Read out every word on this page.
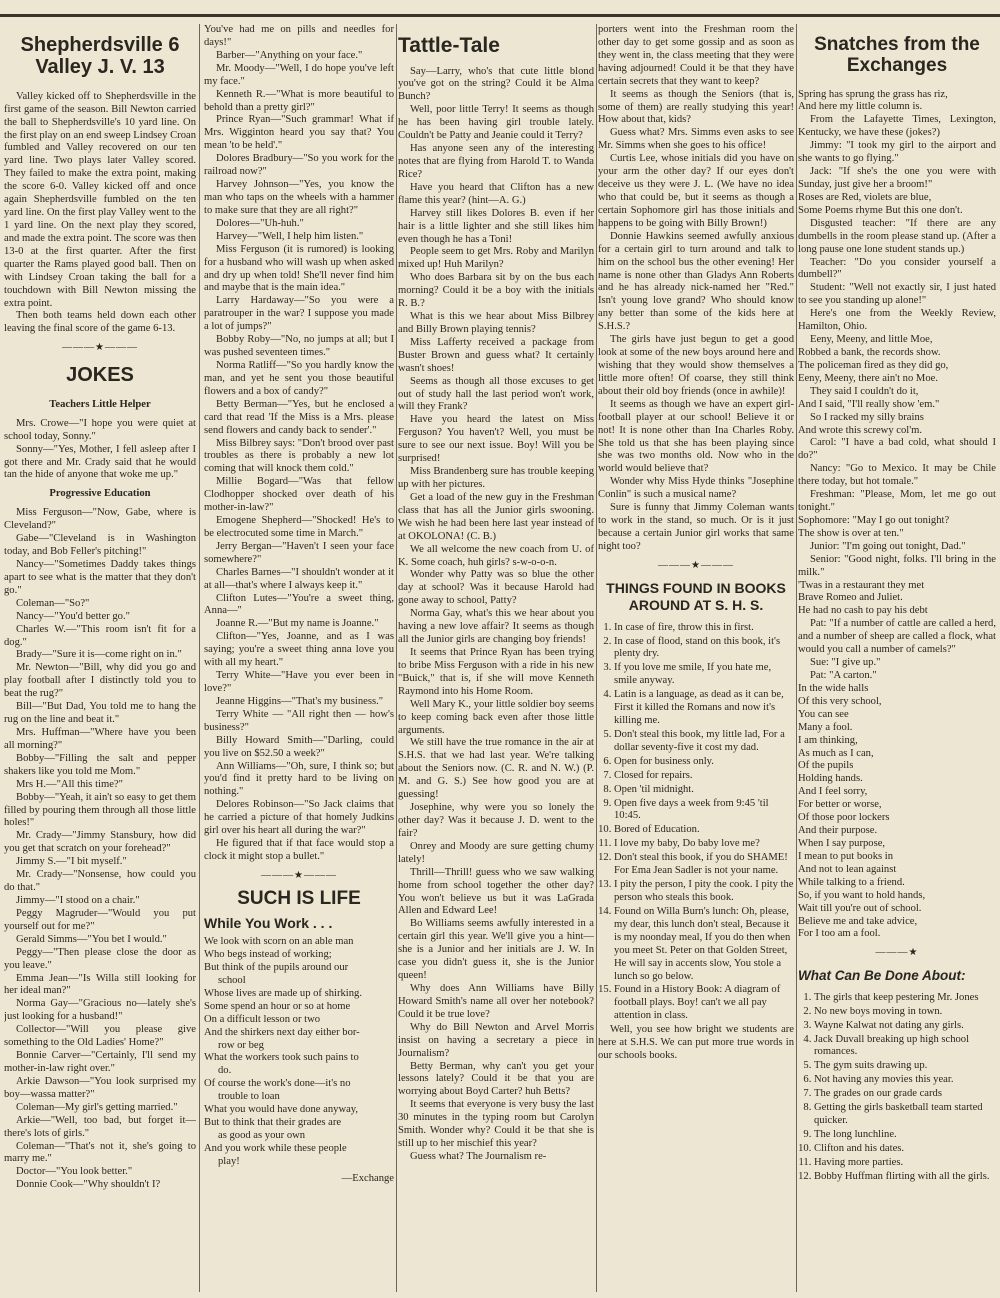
Shepherdsville 6 Valley J. V. 13

Valley kicked off to Shepherdsville in the first game of the season. Bill Newton carried the ball to Shepherdsville's 10 yard line. On the first play on an end sweep Lindsey Croan fumbled and Valley recovered on our ten yard line. Two plays later Valley scored. They failed to make the extra point, making the score 6-0. Valley kicked off and once again Shepherdsville fumbled on the ten yard line. On the first play Valley went to the 1 yard line. On the next play they scored, and made the extra point. The score was then 13-0 at the first quarter. After the first quarter the Rams played good ball. Then on with Lindsey Croan taking the ball for a touchdown with Bill Newton missing the extra point.

Then both teams held down each other leaving the final score of the game 6-13.

———★———
JOKES
Teachers Little Helper

Mrs. Crowe—"I hope you were quiet at school today, Sonny."

Sonny—"Yes, Mother, I fell asleep after I got there and Mr. Crady said that he would tan the hide of anyone that woke me up."

Progressive Education

Miss Ferguson—"Now, Gabe, where is Cleveland?"

Gabe—"Cleveland is in Washington today, and Bob Feller's pitching!"

Nancy—"Sometimes Daddy takes things apart to see what is the matter that they don't go."

Coleman—"So?"

Nancy—"You'd better go."

Charles W.—"This room isn't fit for a dog."

Brady—"Sure it is—come right on in."

Mr. Newton—"Bill, why did you go and play football after I distinctly told you to beat the rug?"

Bill—"But Dad, You told me to hang the rug on the line and beat it."

Mrs. Huffman—"Where have you been all morning?"

Bobby—"Filling the salt and pepper shakers like you told me Mom."

Mrs H.—"All this time?"

Bobby—"Yeah, it ain't so easy to get them filled by pouring them through all those little holes!"

Mr. Crady—"Jimmy Stansbury, how did you get that scratch on your forehead?"

Jimmy S.—"I bit myself."

Mr. Crady—"Nonsense, how could you do that."

Jimmy—"I stood on a chair."

Peggy Magruder—"Would you put yourself out for me?"

Gerald Simms—"You bet I would."

Peggy—"Then please close the door as you leave."

Emma Jean—"Is Willa still looking for her ideal man?"

Norma Gay—"Gracious no—lately she's just looking for a husband!"

Collector—"Will you please give something to the Old Ladies' Home?"

Bonnie Carver—"Certainly, I'll send my mother-in-law right over."

Arkie Dawson—"You look surprised my boy—wassa matter?"

Coleman—My girl's getting married."

Arkie—"Well, too bad, but forget it—there's lots of girls."

Coleman—"That's not it, she's going to marry me."

Doctor—"You look better."

Donnie Cook—"Why shouldn't I?

You've had me on pills and needles for days!"

Barber—"Anything on your face."

Mr. Moody—"Well, I do hope you've left my face."

Kenneth R.—"What is more beautiful to behold than a pretty girl?"

Prince Ryan—"Such grammar! What if Mrs. Wigginton heard you say that? You mean 'to be held'."

Dolores Bradbury—"So you work for the railroad now?"

Harvey Johnson—"Yes, you know the man who taps on the wheels with a hammer to make sure that they are all right?"

Dolores—"Uh-huh."

Harvey—"Well, I help him listen."

Miss Ferguson (it is rumored) is looking for a husband who will wash up when asked and dry up when told! She'll never find him and maybe that is the main idea."

Larry Hardaway—"So you were a paratrouper in the war? I suppose you made a lot of jumps?"

Bobby Roby—"No, no jumps at all; but I was pushed seventeen times."

Norma Ratliff—"So you hardly know the man, and yet he sent you those beautiful flowers and a box of candy?"

Betty Berman—"Yes, but he enclosed a card that read 'If the Miss is a Mrs. please send flowers and candy back to sender'."

Miss Bilbrey says: "Don't brood over past troubles as there is probably a new lot coming that will knock them cold."

Millie Bogard—"Was that fellow Clodhopper shocked over death of his mother-in-law?"

Emogene Shepherd—"Shocked! He's to be electrocuted some time in March."

Jerry Bergan—"Haven't I seen your face somewhere?"

Charles Barnes—"I shouldn't wonder at it at all—that's where I always keep it."

Clifton Lutes—"You're a sweet thing, Anna—"

Joanne R.—"But my name is Joanne."

Clifton—"Yes, Joanne, and as I was saying; you're a sweet thing anna love you with all my heart."

Terry White—"Have you ever been in love?"

Jeanne Higgins—"That's my business."

Terry White — "All right then — how's business?"

Billy Howard Smith—"Darling, could you live on $52.50 a week?"

Ann Williams—"Oh, sure, I think so; but you'd find it pretty hard to be living on nothing."

Delores Robinson—"So Jack claims that he carried a picture of that homely Judkins girl over his heart all during the war?"

He figured that if that face would stop a clock it might stop a bullet."

———★———
SUCH IS LIFE
While You Work . . .

We look with scorn on an able man

Who begs instead of working;

But think of the pupils around our

school

Whose lives are made up of shirking.

Some spend an hour or so at home

On a difficult lesson or two

And the shirkers next day either bor-

row or beg

What the workers took such pains to

do.

Of course the work's done—it's no

trouble to loan

What you would have done anyway,

But to think that their grades are

as good as your own

And you work while these people

play!

—Exchange

Tattle-Tale

Say—Larry, who's that cute little blond you've got on the string? Could it be Alma Bunch?

Well, poor little Terry! It seems as though he has been having girl trouble lately. Couldn't be Patty and Jeanie could it Terry?

Has anyone seen any of the interesting notes that are flying from Harold T. to Wanda Rice?

Have you heard that Clifton has a new flame this year? (hint—A. G.)

Harvey still likes Dolores B. even if her hair is a little lighter and she still likes him even though he has a Toni!

People seem to get Mrs. Roby and Marilyn mixed up! Huh Marilyn?

Who does Barbara sit by on the bus each morning? Could it be a boy with the initials R. B.?

What is this we hear about Miss Bilbrey and Billy Brown playing tennis?

Miss Lafferty received a package from Buster Brown and guess what? It certainly wasn't shoes!

Seems as though all those excuses to get out of study hall the last period won't work, will they Frank?

Have you heard the latest on Miss Ferguson? You haven't? Well, you must be sure to see our next issue. Boy! Will you be surprised!

Miss Brandenberg sure has trouble keeping up with her pictures.

Get a load of the new guy in the Freshman class that has all the Junior girls swooning. We wish he had been here last year instead of at OKOLONA! (C. B.)

We all welcome the new coach from U. of K. Some coach, huh girls? s-w-o-o-n.

Wonder why Patty was so blue the other day at school? Was it because Harold had gone away to school, Patty?

Norma Gay, what's this we hear about you having a new love affair? It seems as though all the Junior girls are changing boy friends!

It seems that Prince Ryan has been trying to bribe Miss Ferguson with a ride in his new "Buick," that is, if she will move Kenneth Raymond into his Home Room.

Well Mary K., your little soldier boy seems to keep coming back even after those little arguments.

We still have the true romance in the air at S.H.S. that we had last year. We're talking about the Seniors now. (C. R. and N. W.) (P. M. and G. S.) See how good you are at guessing!

Josephine, why were you so lonely the other day? Was it because J. D. went to the fair?

Onrey and Moody are sure getting chumy lately!

Thrill—Thrill! guess who we saw walking home from school together the other day? You won't believe us but it was LaGrada Allen and Edward Lee!

Bo Williams seems awfully interested in a certain girl this year. We'll give you a hint—she is a Junior and her initials are J. W. In case you didn't guess it, she is the Junior queen!

Why does Ann Williams have Billy Howard Smith's name all over her notebook? Could it be true love?

Why do Bill Newton and Arvel Morris insist on having a secretary a piece in Journalism?

Betty Berman, why can't you get your lessons lately? Could it be that you are worrying about Boyd Carter? huh Betts?

It seems that everyone is very busy the last 30 minutes in the typing room but Carolyn Smith. Wonder why? Could it be that she is still up to her mischief this year?

Guess what? The Journalism re-

porters went into the Freshman room the other day to get some gossip and as soon as they went in, the class meeting that they were having adjourned! Could it be that they have certain secrets that they want to keep?

It seems as though the Seniors (that is, some of them) are really studying this year! How about that, kids?

Guess what? Mrs. Simms even asks to see Mr. Simms when she goes to his office!

Curtis Lee, whose initials did you have on your arm the other day? If our eyes don't deceive us they were J. L. (We have no idea who that could be, but it seems as though a certain Sophomore girl has those initials and happens to be going with Billy Brown!)

Donnie Hawkins seemed awfully anxious for a certain girl to turn around and talk to him on the school bus the other evening! Her name is none other than Gladys Ann Roberts and he has already nick-named her "Red." Isn't young love grand? Who should know any better than some of the kids here at S.H.S.?

The girls have just begun to get a good look at some of the new boys around here and wishing that they would show themselves a little more often! Of coarse, they still think about their old boy friends (once in awhile)!

It seems as though we have an expert girl-football player at our school! Believe it or not! It is none other than Ina Charles Roby. She told us that she has been playing since she was two months old. Now who in the world would believe that?

Wonder why Miss Hyde thinks "Josephine Conlin" is such a musical name?

Sure is funny that Jimmy Coleman wants to work in the stand, so much. Or is it just because a certain Junior girl works that same night too?

———★———
THINGS FOUND IN BOOKS AROUND AT S. H. S.
1. In case of fire, throw this in first.
2. In case of flood, stand on this book, it's plenty dry.
3. If you love me smile, If you hate me, smile anyway.
4. Latin is a language, as dead as it can be, First it killed the Romans and now it's killing me.
5. Don't steal this book, my little lad, For a dollar seventy-five it cost my dad.
6. Open for business only.
7. Closed for repairs.
8. Open 'til midnight.
9. Open five days a week from 9:45 'til 10:45.
10. Bored of Education.
11. I love my baby, Do baby love me?
12. Don't steal this book, if you do SHAME! For Ema Jean Sadler is not your name.
13. I pity the person, I pity the cook. I pity the person who steals this book.
14. Found on Willa Burn's lunch: Oh, please, my dear, this lunch don't steal, Because it is my noonday meal, If you do then when you meet St. Peter on that Golden Street, He will say in accents slow, You stole a lunch so go below.
15. Found in a History Book: A diagram of football plays. Boy! can't we all pay attention in class.

Well, you see how bright we students are here at S.H.S. We can put more true words in our schools books.

Snatches from the Exchanges

Spring has sprung the grass has riz,

And here my little column is.

From the Lafayette Times, Lexington, Kentucky, we have these (jokes?)

Jimmy: "I took my girl to the airport and she wants to go flying."

Jack: "If she's the one you were with Sunday, just give her a broom!"

Roses are Red, violets are blue,

Some Poems rhyme But this one don't.

Disgusted teacher: "If there are any dumbells in the room please stand up. (After a long pause one lone student stands up.)

Teacher: "Do you consider yourself a dumbell?"

Student: "Well not exactly sir, I just hated to see you standing up alone!"

Here's one from the Weekly Review, Hamilton, Ohio.

Eeny, Meeny, and little Moe,

Robbed a bank, the records show.

The policeman fired as they did go,

Eeny, Meeny, there ain't no Moe.

They said I couldn't do it,

And I said, "I'll really show 'em."

So I racked my silly brains

And wrote this screwy col'm.

Carol: "I have a bad cold, what should I do?"

Nancy: "Go to Mexico. It may be Chile there today, but hot tomale."

Freshman: "Please, Mom, let me go out tonight."

Sophomore: "May I go out tonight?

The show is over at ten."

Junior: "I'm going out tonight, Dad."

Senior: "Good night, folks. I'll bring in the milk."

'Twas in a restaurant they met

Brave Romeo and Juliet.

He had no cash to pay his debt

Pat: "If a number of cattle are called a herd, and a number of sheep are called a flock, what would you call a number of camels?"

Sue: "I give up."

Pat: "A carton."

In the wide halls

Of this very school,

You can see

Many a fool.

I am thinking,

As much as I can,

Of the pupils

Holding hands.

And I feel sorry,

For better or worse,

Of those poor lockers

And their purpose.

When I say purpose,

I mean to put books in

And not to lean against

While talking to a friend.

So, if you want to hold hands,

Wait till you're out of school.

Believe me and take advice,

For I too am a fool.

———★
What Can Be Done About:
1. The girls that keep pestering Mr. Jones
2. No new boys moving in town.
3. Wayne Kalwat not dating any girls.
4. Jack Duvall breaking up high school romances.
5. The gym suits drawing up.
6. Not having any movies this year.
7. The grades on our grade cards
8. Getting the girls basketball team started quicker.
9. The long lunchline.
10. Clifton and his dates.
11. Having more parties.
12. Bobby Huffman flirting with all the girls.
